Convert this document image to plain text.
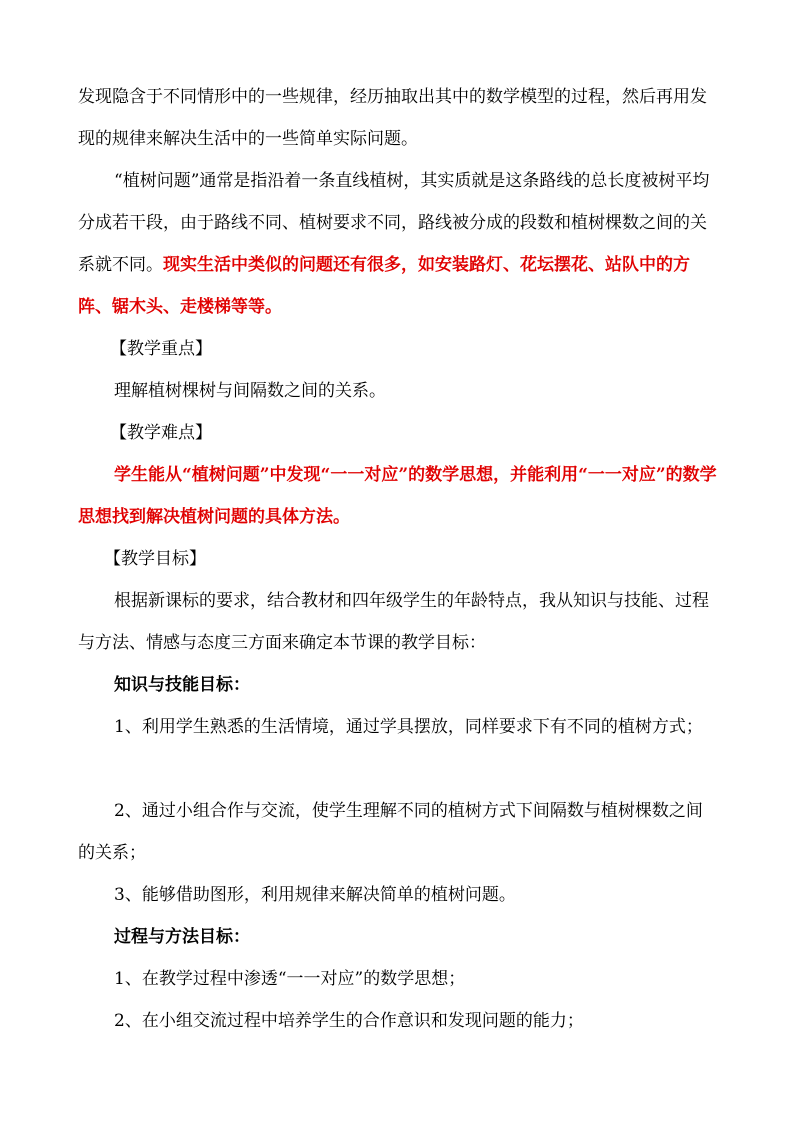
发现隐含于不同情形中的一些规律，经历抽取出其中的数学模型的过程，然后再用发现的规律来解决生活中的一些简单实际问题。

“植树问题”通常是指沿着一条直线植树，其实质就是这条路线的总长度被树平均分成若干段，由于路线不同、植树要求不同，路线被分成的段数和植树棵数之间的关系就不同。现实生活中类似的问题还有很多，如安装路灯、花坛摆花、站队中的方阵、锯木头、走楼梯等等。

【教学重点】

理解植树棵树与间隔数之间的关系。

【教学难点】

学生能从“植树问题”中发现“一一对应”的数学思想，并能利用“一一对应”的数学思想找到解决植树问题的具体方法。

【教学目标】

根据新课标的要求，结合教材和四年级学生的年龄特点，我从知识与技能、过程与方法、情感与态度三方面来确定本节课的教学目标：

知识与技能目标：

1、利用学生熟悉的生活情境，通过学具摆放，同样要求下有不同的植树方式；

2、通过小组合作与交流，使学生理解不同的植树方式下间隔数与植树棵数之间的关系；

3、能够借助图形，利用规律来解决简单的植树问题。

过程与方法目标：

1、在教学过程中渗透“一一对应”的数学思想；

2、在小组交流过程中培养学生的合作意识和发现问题的能力；
